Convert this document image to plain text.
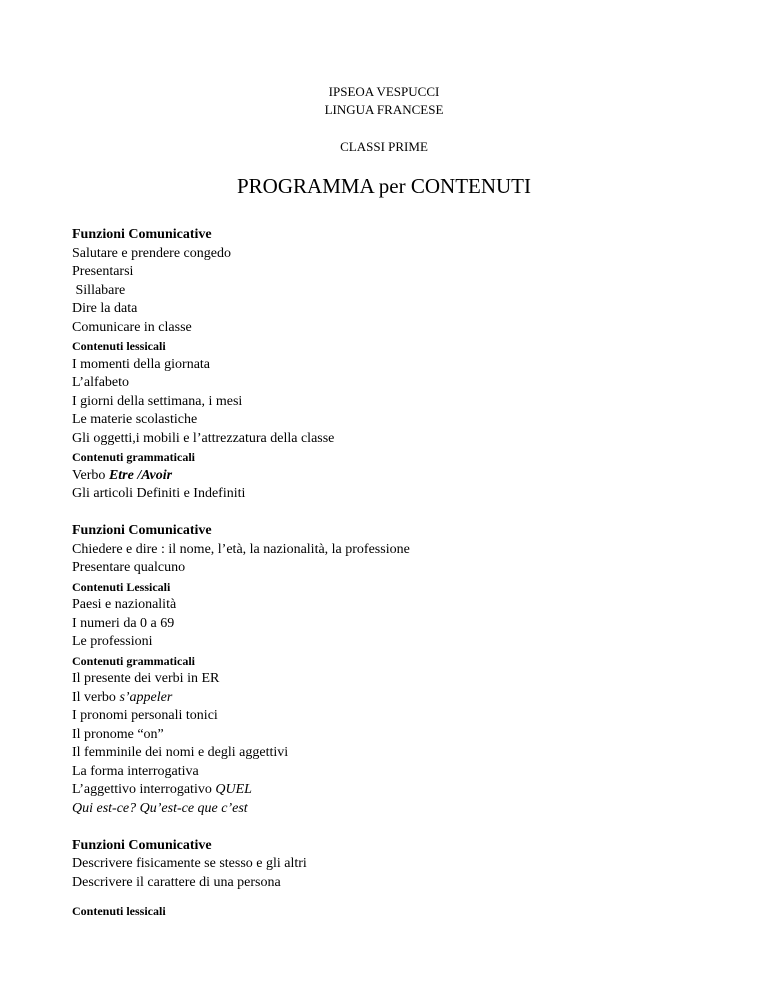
IPSEOA VESPUCCI
LINGUA FRANCESE
CLASSI PRIME
PROGRAMMA per CONTENUTI
Funzioni Comunicative
Salutare e prendere congedo
Presentarsi
Sillabare
Dire la data
Comunicare in classe
Contenuti lessicali
I momenti della giornata
L’alfabeto
I giorni della settimana, i mesi
Le materie scolastiche
Gli oggetti,i mobili e l’attrezzatura della classe
Contenuti grammaticali
Verbo Etre /Avoir
Gli articoli Definiti e Indefiniti
Funzioni Comunicative
Chiedere e dire : il nome, l’età, la nazionalità, la professione
Presentare qualcuno
Contenuti Lessicali
Paesi e nazionalità
I numeri da 0 a 69
Le professioni
Contenuti grammaticali
Il presente dei verbi in ER
Il verbo s’appeler
I pronomi personali tonici
Il pronome “on”
Il femminile dei nomi e degli aggettivi
La forma interrogativa
L’aggettivo interrogativo QUEL
Qui est-ce? Qu’est-ce que c’est
Funzioni Comunicative
Descrivere fisicamente se stesso e gli altri
Descrivere il carattere di una persona
Contenuti lessicali
